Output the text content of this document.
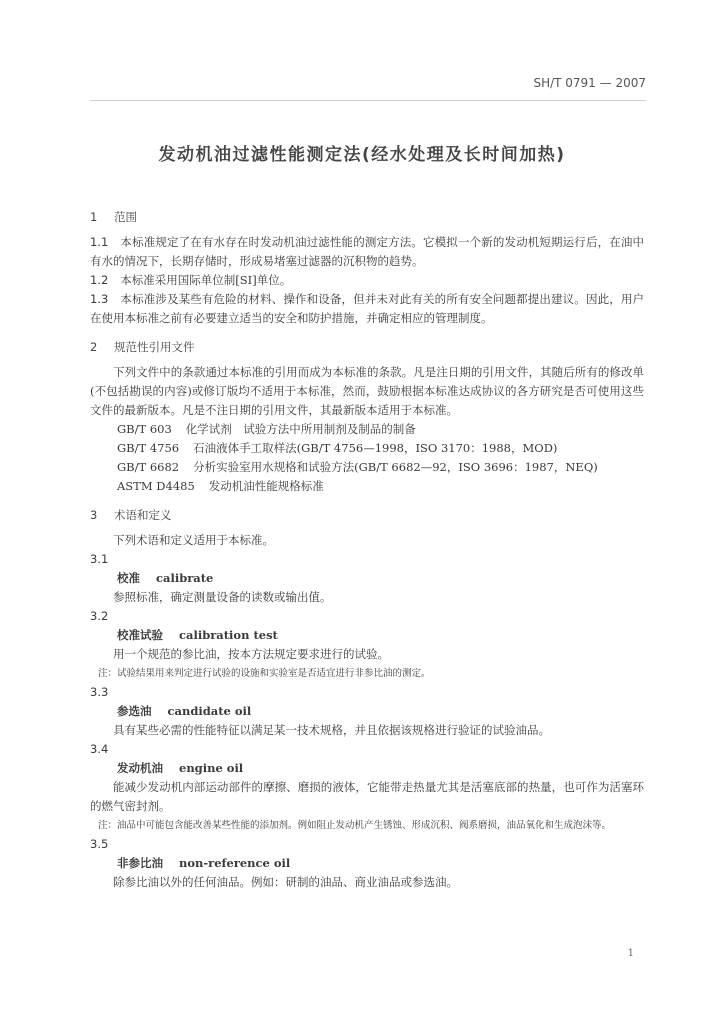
SH/T 0791 — 2007
发动机油过滤性能测定法(经水处理及长时间加热)

1 范围

1.1 本标准规定了在有水存在时发动机油过滤性能的测定方法。它模拟一个新的发动机短期运行后，在油中有水的情况下，长期存储时，形成易堵塞过滤器的沉积物的趋势。

1.2 本标准采用国际单位制[SI]单位。

1.3 本标准涉及某些有危险的材料、操作和设备，但并未对此有关的所有安全问题都提出建议。因此，用户在使用本标准之前有必要建立适当的安全和防护措施，并确定相应的管理制度。

2 规范性引用文件

下列文件中的条款通过本标准的引用而成为本标准的条款。凡是注日期的引用文件，其随后所有的修改单(不包括勘误的内容)或修订版均不适用于本标准，然而，鼓励根据本标准达成协议的各方研究是否可使用这些文件的最新版本。凡是不注日期的引用文件，其最新版本适用于本标准。

GB/T 603 化学试剂　试验方法中所用制剂及制品的制备

GB/T 4756 石油液体手工取样法(GB/T 4756—1998，ISO 3170：1988，MOD)

GB/T 6682 分析实验室用水规格和试验方法(GB/T 6682—92，ISO 3696：1987，NEQ)

ASTM D4485 发动机油性能规格标准

3 术语和定义

下列术语和定义适用于本标准。

3.1

校准 calibrate

参照标准，确定测量设备的读数或输出值。

3.2

校准试验 calibration test

用一个规范的参比油，按本方法规定要求进行的试验。

注：试验结果用来判定进行试验的设施和实验室是否适宜进行非参比油的测定。

3.3

参选油 candidate oil

具有某些必需的性能特征以满足某一技术规格，并且依据该规格进行验证的试验油品。

3.4

发动机油 engine oil

能减少发动机内部运动部件的摩擦、磨损的液体，它能带走热量尤其是活塞底部的热量，也可作为活塞环的燃气密封剂。

注：油品中可能包含能改善某些性能的添加剂。例如阻止发动机产生锈蚀、形成沉积、阀系磨损，油品氧化和生成泡沫等。

3.5

非参比油 non-reference oil

除参比油以外的任何油品。例如：研制的油品、商业油品或参选油。

1
